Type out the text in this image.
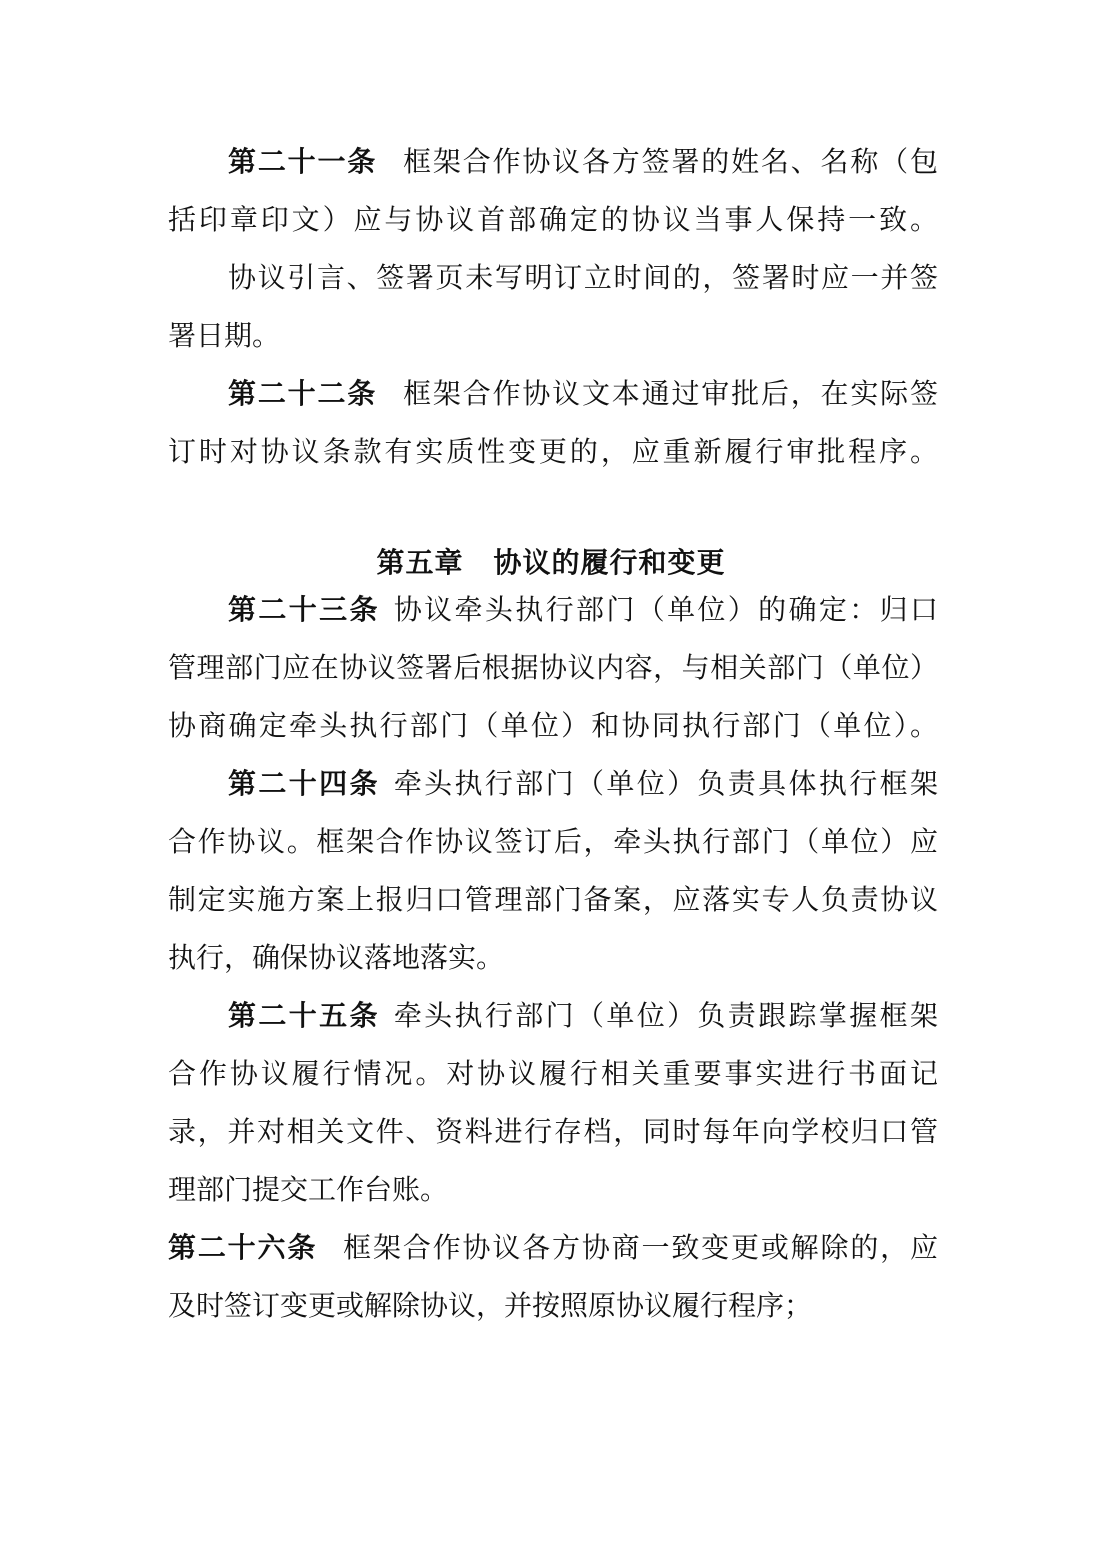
第二十一条 框架合作协议各方签署的姓名、名称（包
括印章印文）应与协议首部确定的协议当事人保持一致。
协议引言、签署页未写明订立时间的，签署时应一并签
署日期。
第二十二条 框架合作协议文本通过审批后，在实际签
订时对协议条款有实质性变更的，应重新履行审批程序。
第五章 协议的履行和变更
第二十三条 协议牵头执行部门（单位）的确定：归口
管理部门应在协议签署后根据协议内容，与相关部门（单位）
协商确定牵头执行部门（单位）和协同执行部门（单位）。
第二十四条 牵头执行部门（单位）负责具体执行框架
合作协议。框架合作协议签订后，牵头执行部门（单位）应
制定实施方案上报归口管理部门备案，应落实专人负责协议
执行，确保协议落地落实。
第二十五条 牵头执行部门（单位）负责跟踪掌握框架
合作协议履行情况。对协议履行相关重要事实进行书面记
录，并对相关文件、资料进行存档，同时每年向学校归口管
理部门提交工作台账。
第二十六条 框架合作协议各方协商一致变更或解除的，应
及时签订变更或解除协议，并按照原协议履行程序；
